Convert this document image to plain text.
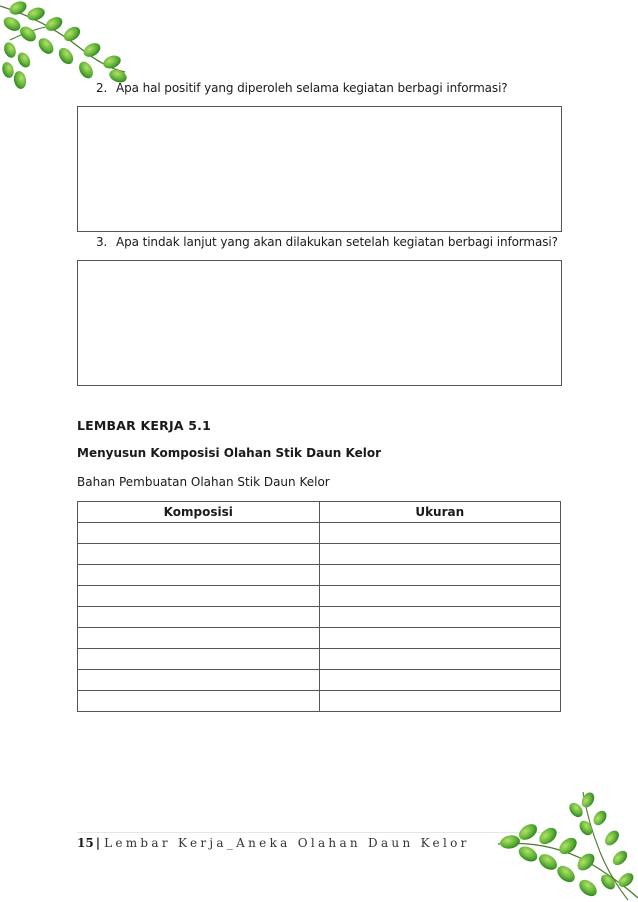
2. Apa hal positif yang diperoleh selama kegiatan berbagi informasi?
3. Apa tindak lanjut yang akan dilakukan setelah kegiatan berbagi informasi?
LEMBAR KERJA 5.1
Menyusun Komposisi Olahan Stik Daun Kelor
Bahan Pembuatan Olahan Stik Daun Kelor
Komposisi	Ukuran

15 | Lembar Kerja_Aneka Olahan Daun Kelor
